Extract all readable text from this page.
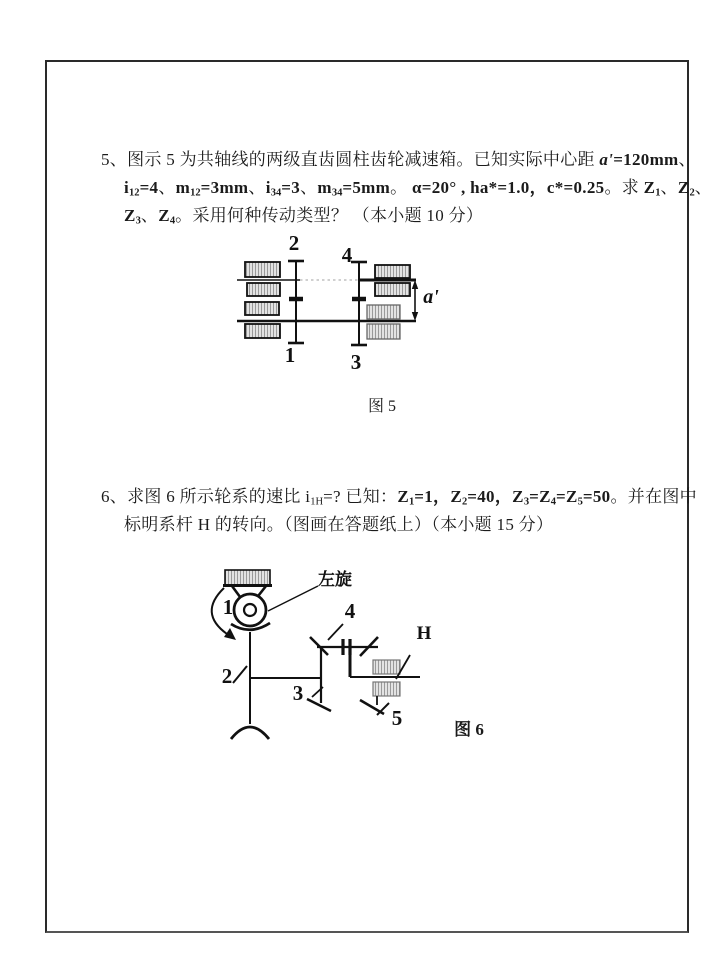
5、图示 5 为共轴线的两级直齿圆柱齿轮减速箱。已知实际中心距 a'=120mm、
i12=4、m12=3mm、i34=3、m34=5mm。 α=20° , ha*=1.0，c*=0.25。求 Z1、Z2、
Z3、Z4。采用何种传动类型？ （本小题 10 分）
2 4
1	3
a'
图 5
6、求图 6 所示轮系的速比 i1H=? 已知：Z1=1，Z2=40，Z3=Z4=Z5=50。并在图中
标明系杆 H 的转向。（图画在答题纸上）（本小题 15 分）
1
2
3
4
5
H
左旋
图 6
